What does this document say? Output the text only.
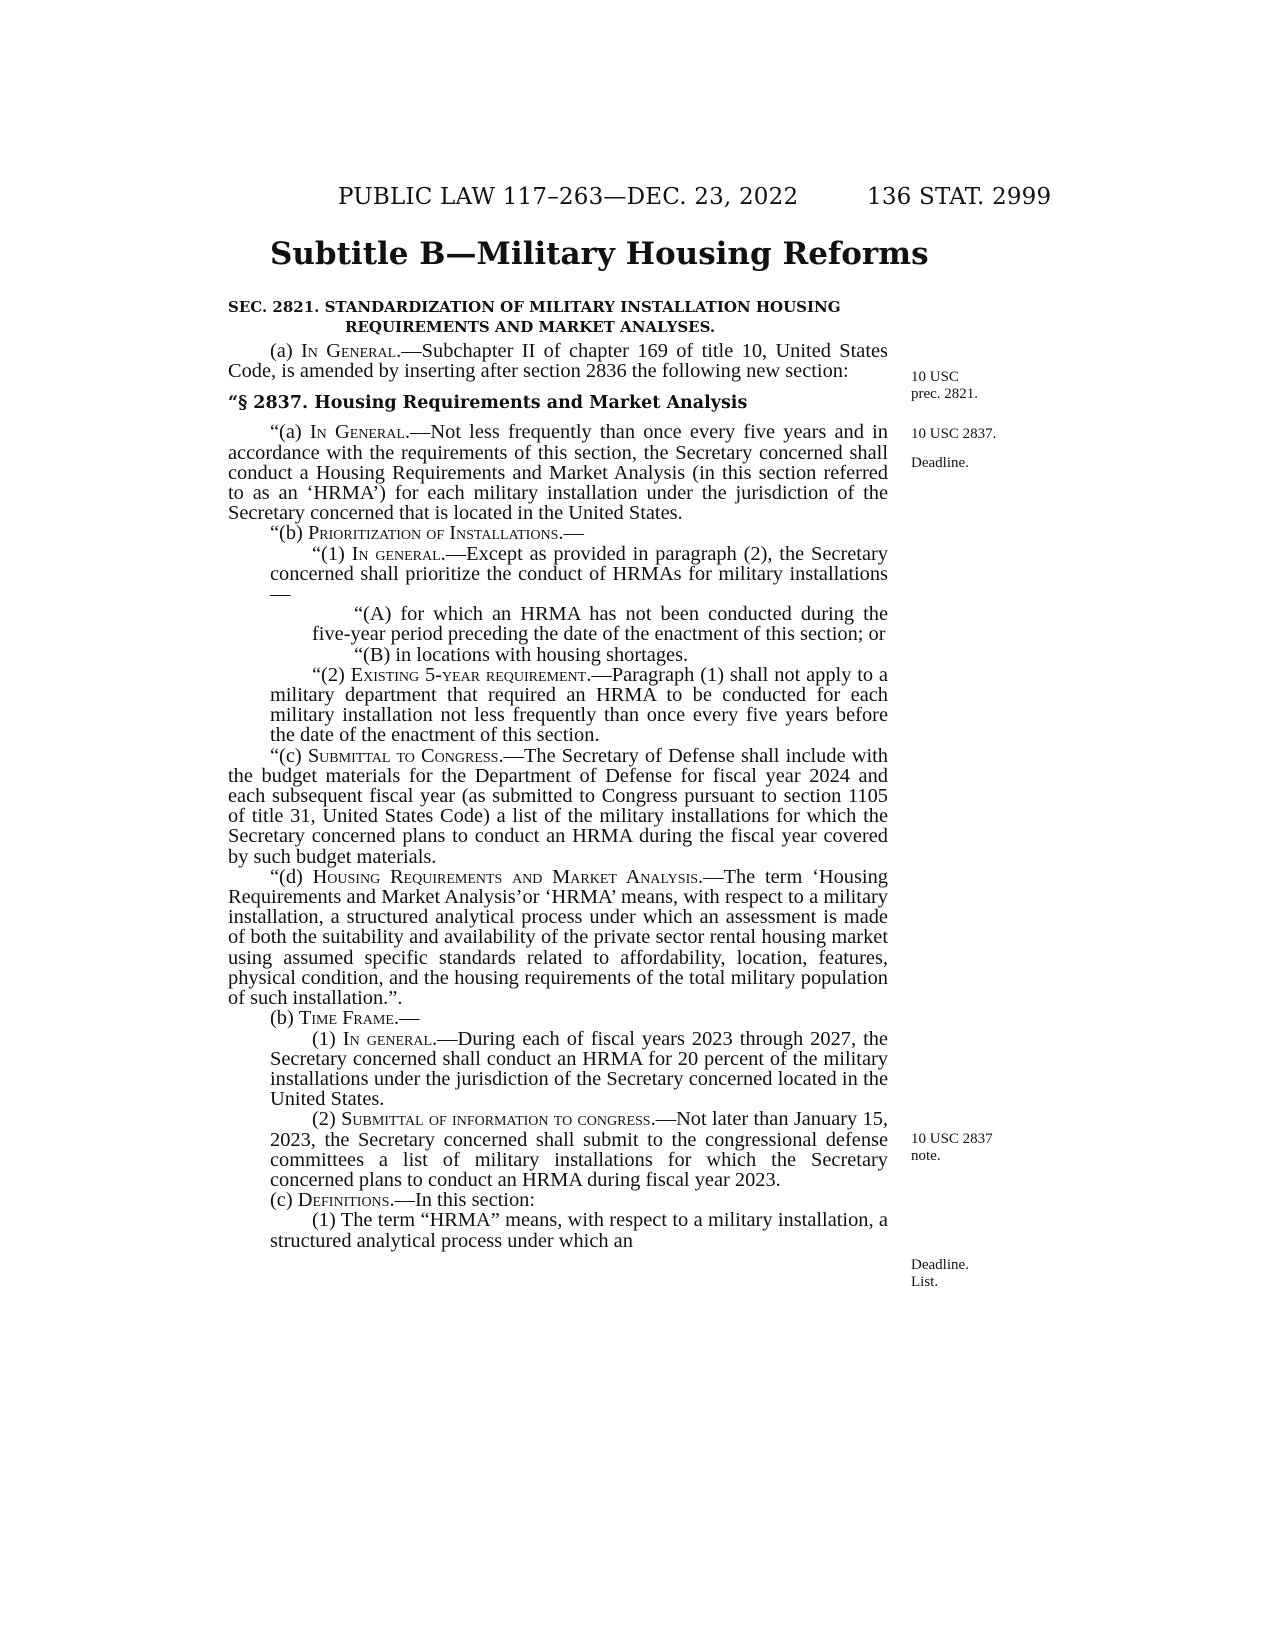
PUBLIC LAW 117–263—DEC. 23, 2022	136 STAT. 2999
Subtitle B—Military Housing Reforms
SEC. 2821. STANDARDIZATION OF MILITARY INSTALLATION HOUSING
REQUIREMENTS AND MARKET ANALYSES.

(a) In General.—Subchapter II of chapter 169 of title 10, United States Code, is amended by inserting after section 2836 the following new section:

“§ 2837. Housing Requirements and Market Analysis

“(a) In General.—Not less frequently than once every five years and in accordance with the requirements of this section, the Secretary concerned shall conduct a Housing Requirements and Market Analysis (in this section referred to as an ‘HRMA’) for each military installation under the jurisdiction of the Secretary concerned that is located in the United States.

“(b) Prioritization of Installations.—

“(1) In general.—Except as provided in paragraph (2), the Secretary concerned shall prioritize the conduct of HRMAs for military installations—

“(A) for which an HRMA has not been conducted during the five-year period preceding the date of the enactment of this section; or

“(B) in locations with housing shortages.

“(2) Existing 5-year requirement.—Paragraph (1) shall not apply to a military department that required an HRMA to be conducted for each military installation not less frequently than once every five years before the date of the enactment of this section.

“(c) Submittal to Congress.—The Secretary of Defense shall include with the budget materials for the Department of Defense for fiscal year 2024 and each subsequent fiscal year (as submitted to Congress pursuant to section 1105 of title 31, United States Code) a list of the military installations for which the Secretary concerned plans to conduct an HRMA during the fiscal year covered by such budget materials.

“(d) Housing Requirements and Market Analysis.—The term ‘Housing Requirements and Market Analysis’or ‘HRMA’ means, with respect to a military installation, a structured analytical process under which an assessment is made of both the suitability and availability of the private sector rental housing market using assumed specific standards related to affordability, location, features, physical condition, and the housing requirements of the total military population of such installation.”.

(b) Time Frame.—

(1) In general.—During each of fiscal years 2023 through 2027, the Secretary concerned shall conduct an HRMA for 20 percent of the military installations under the jurisdiction of the Secretary concerned located in the United States.

(2) Submittal of information to congress.—Not later than January 15, 2023, the Secretary concerned shall submit to the congressional defense committees a list of military installations for which the Secretary concerned plans to conduct an HRMA during fiscal year 2023.

(c) Definitions.—In this section:

(1) The term “HRMA” means, with respect to a military installation, a structured analytical process under which an

10 USC
prec. 2821.
10 USC 2837.
Deadline.
10 USC 2837
note.
Deadline.
List.
